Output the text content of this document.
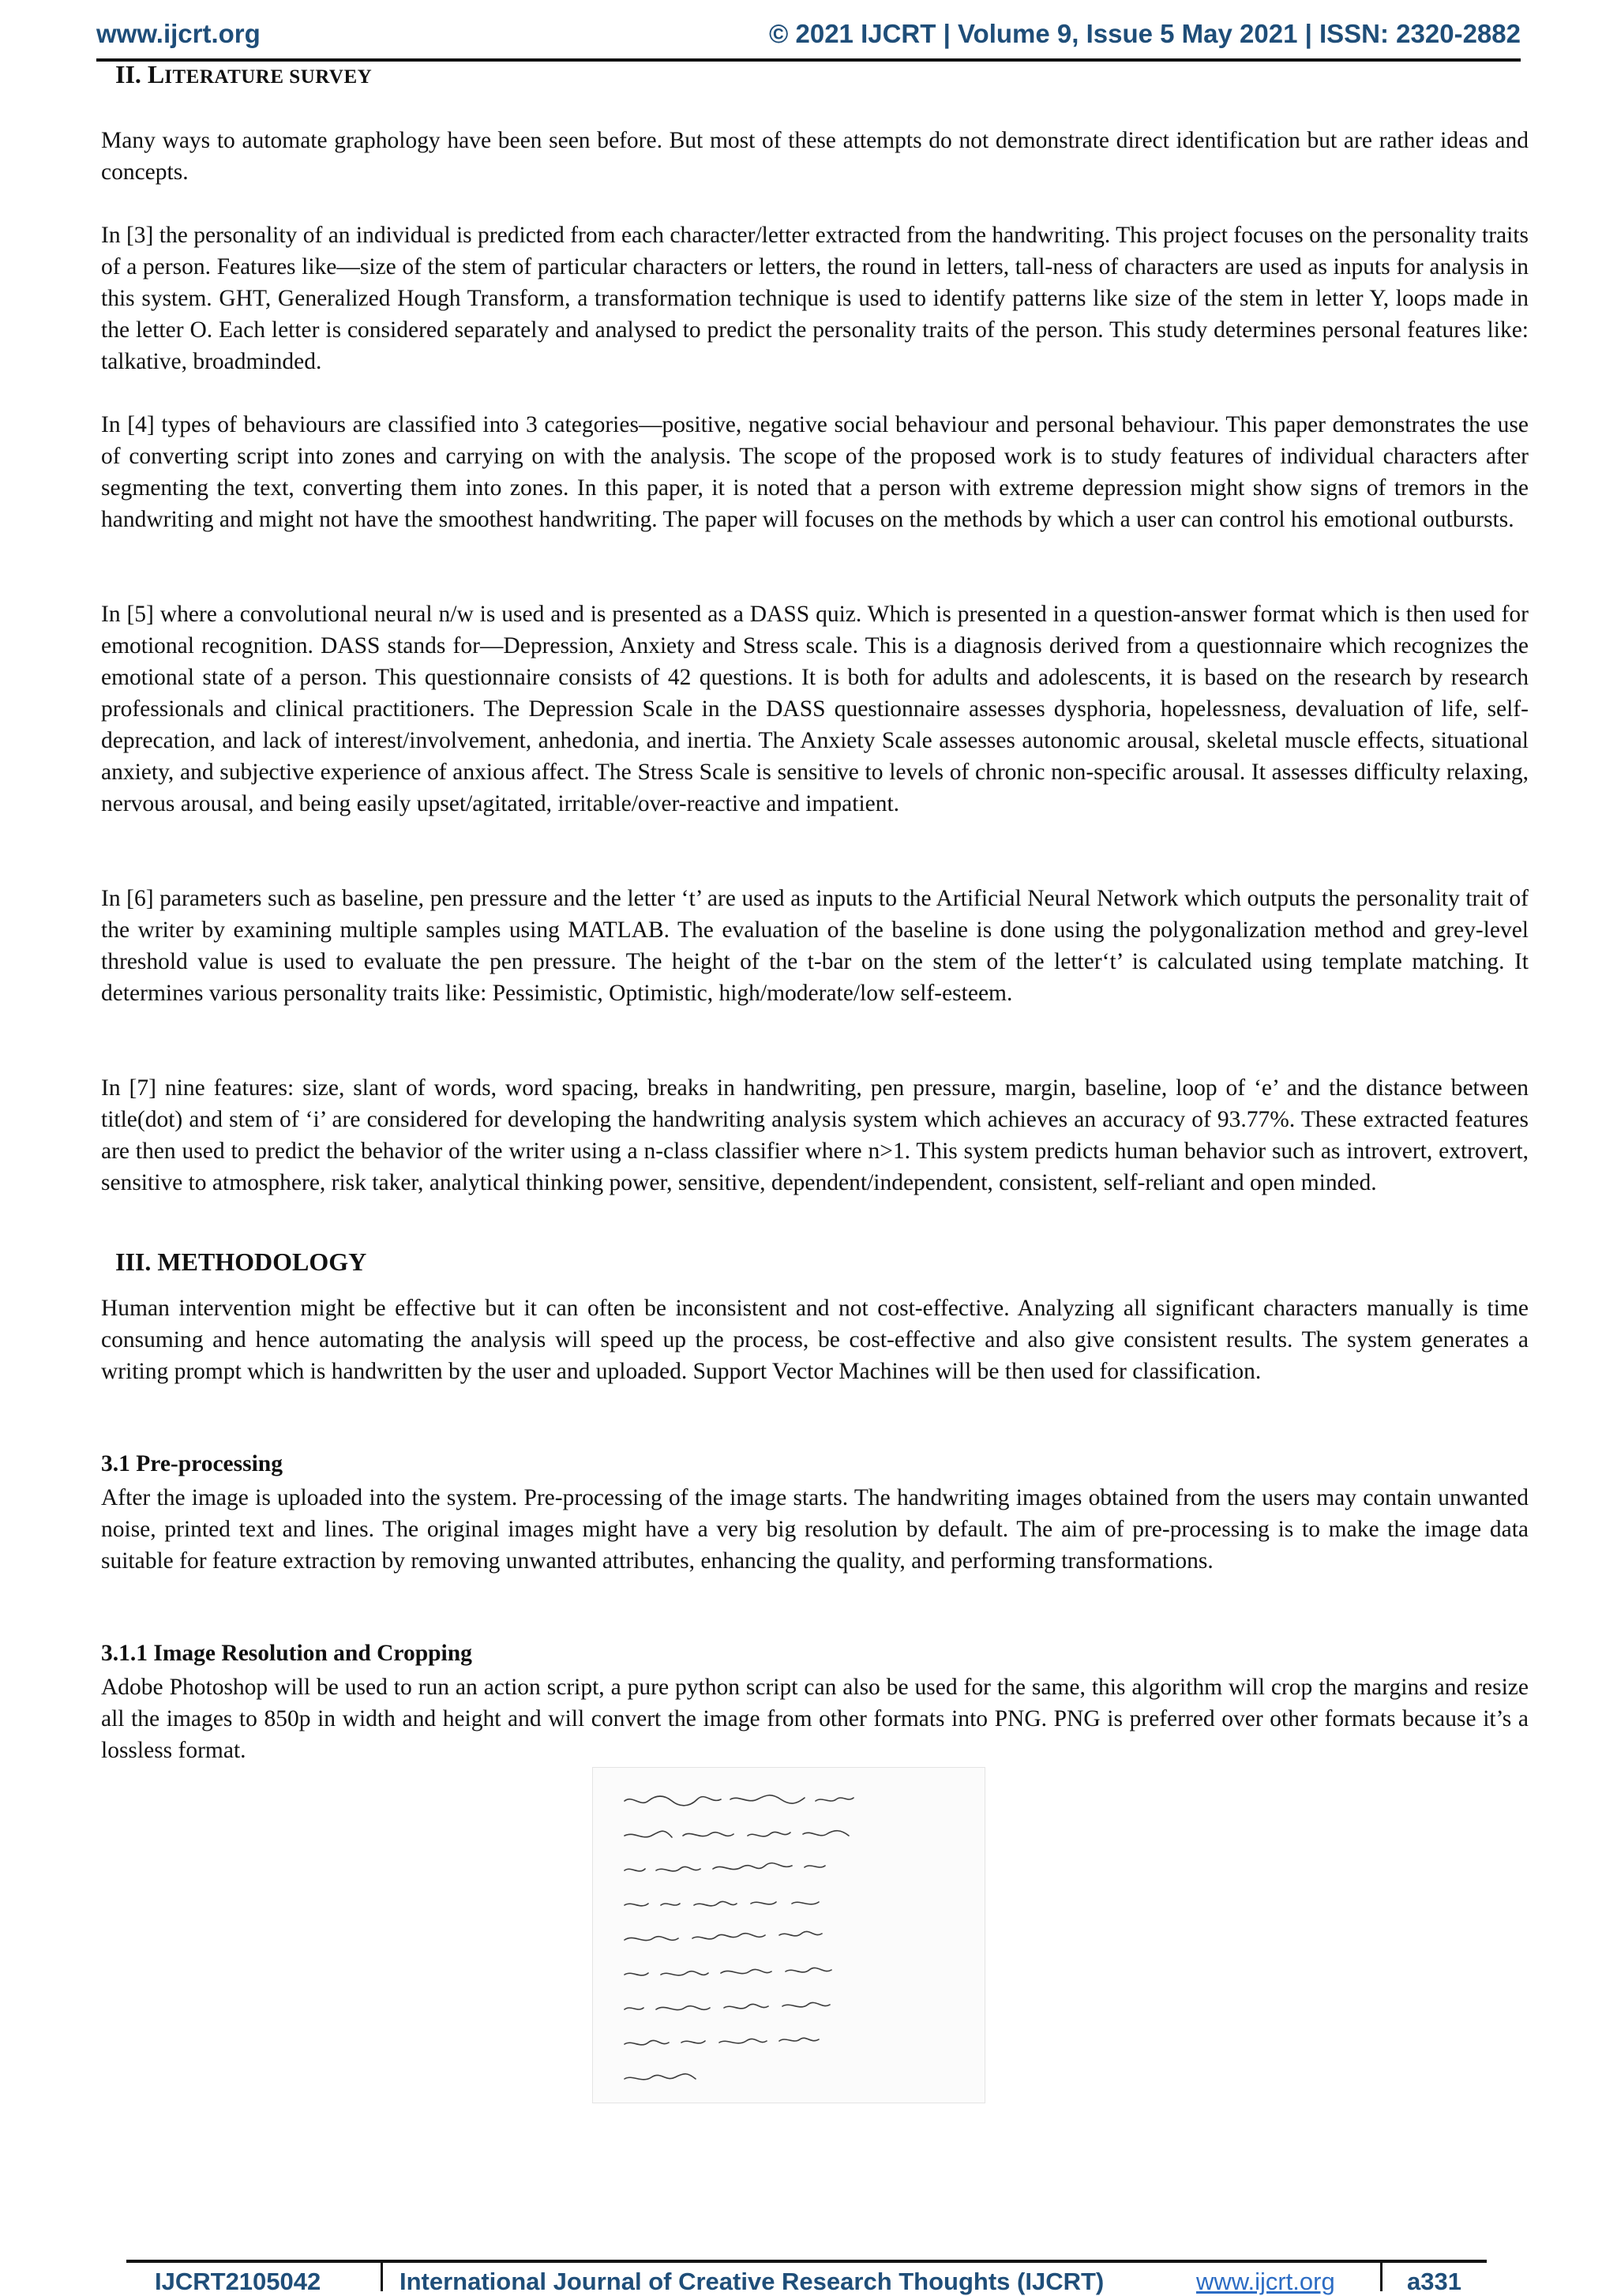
www.ijcrt.org	© 2021 IJCRT | Volume 9, Issue 5 May 2021 | ISSN: 2320-2882
II. LITERATURE SURVEY

Many ways to automate graphology have been seen before. But most of these attempts do not demonstrate direct identification but are rather ideas and concepts.

In [3] the personality of an individual is predicted from each character/letter extracted from the handwriting. This project focuses on the personality traits of a person. Features like—size of the stem of particular characters or letters, the round in letters, tall-ness of characters are used as inputs for analysis in this system. GHT, Generalized Hough Transform, a transformation technique is used to identify patterns like size of the stem in letter Y, loops made in the letter O. Each letter is considered separately and analysed to predict the personality traits of the person. This study determines personal features like: talkative, broadminded.

In [4] types of behaviours are classified into 3 categories—positive, negative social behaviour and personal behaviour. This paper demonstrates the use of converting script into zones and carrying on with the analysis. The scope of the proposed work is to study features of individual characters after segmenting the text, converting them into zones. In this paper, it is noted that a person with extreme depression might show signs of tremors in the handwriting and might not have the smoothest handwriting. The paper will focuses on the methods by which a user can control his emotional outbursts.

In [5] where a convolutional neural n/w is used and is presented as a DASS quiz. Which is presented in a question-answer format which is then used for emotional recognition. DASS stands for—Depression, Anxiety and Stress scale. This is a diagnosis derived from a questionnaire which recognizes the emotional state of a person. This questionnaire consists of 42 questions. It is both for adults and adolescents, it is based on the research by research professionals and clinical practitioners. The Depression Scale in the DASS questionnaire assesses dysphoria, hopelessness, devaluation of life, self-deprecation, and lack of interest/involvement, anhedonia, and inertia. The Anxiety Scale assesses autonomic arousal, skeletal muscle effects, situational anxiety, and subjective experience of anxious affect. The Stress Scale is sensitive to levels of chronic non-specific arousal. It assesses difficulty relaxing, nervous arousal, and being easily upset/agitated, irritable/over-reactive and impatient.

In [6] parameters such as baseline, pen pressure and the letter ‘t’ are used as inputs to the Artificial Neural Network which outputs the personality trait of the writer by examining multiple samples using MATLAB. The evaluation of the baseline is done using the polygonalization method and grey-level threshold value is used to evaluate the pen pressure. The height of the t-bar on the stem of the letter‘t’ is calculated using template matching. It determines various personality traits like: Pessimistic, Optimistic, high/moderate/low self-esteem.

In [7] nine features: size, slant of words, word spacing, breaks in handwriting, pen pressure, margin, baseline, loop of ‘e’ and the distance between title(dot) and stem of ‘i’ are considered for developing the handwriting analysis system which achieves an accuracy of 93.77%. These extracted features are then used to predict the behavior of the writer using a n-class classifier where n>1. This system predicts human behavior such as introvert, extrovert, sensitive to atmosphere, risk taker, analytical thinking power, sensitive, dependent/independent, consistent, self-reliant and open minded.

III. METHODOLOGY

Human intervention might be effective but it can often be inconsistent and not cost-effective. Analyzing all significant characters manually is time consuming and hence automating the analysis will speed up the process, be cost-effective and also give consistent results. The system generates a writing prompt which is handwritten by the user and uploaded. Support Vector Machines will be then used for classification.

3.1 Pre-processing

After the image is uploaded into the system. Pre-processing of the image starts. The handwriting images obtained from the users may contain unwanted noise, printed text and lines. The original images might have a very big resolution by default. The aim of pre-processing is to make the image data suitable for feature extraction by removing unwanted attributes, enhancing the quality, and performing transformations.

3.1.1 Image Resolution and Cropping

Adobe Photoshop will be used to run an action script, a pure python script can also be used for the same, this algorithm will crop the margins and resize all the images to 850p in width and height and will convert the image from other formats into PNG. PNG is preferred over other formats because it’s a lossless format.

IJCRT2105042	International Journal of Creative Research Thoughts (IJCRT)	www.ijcrt.org	a331
